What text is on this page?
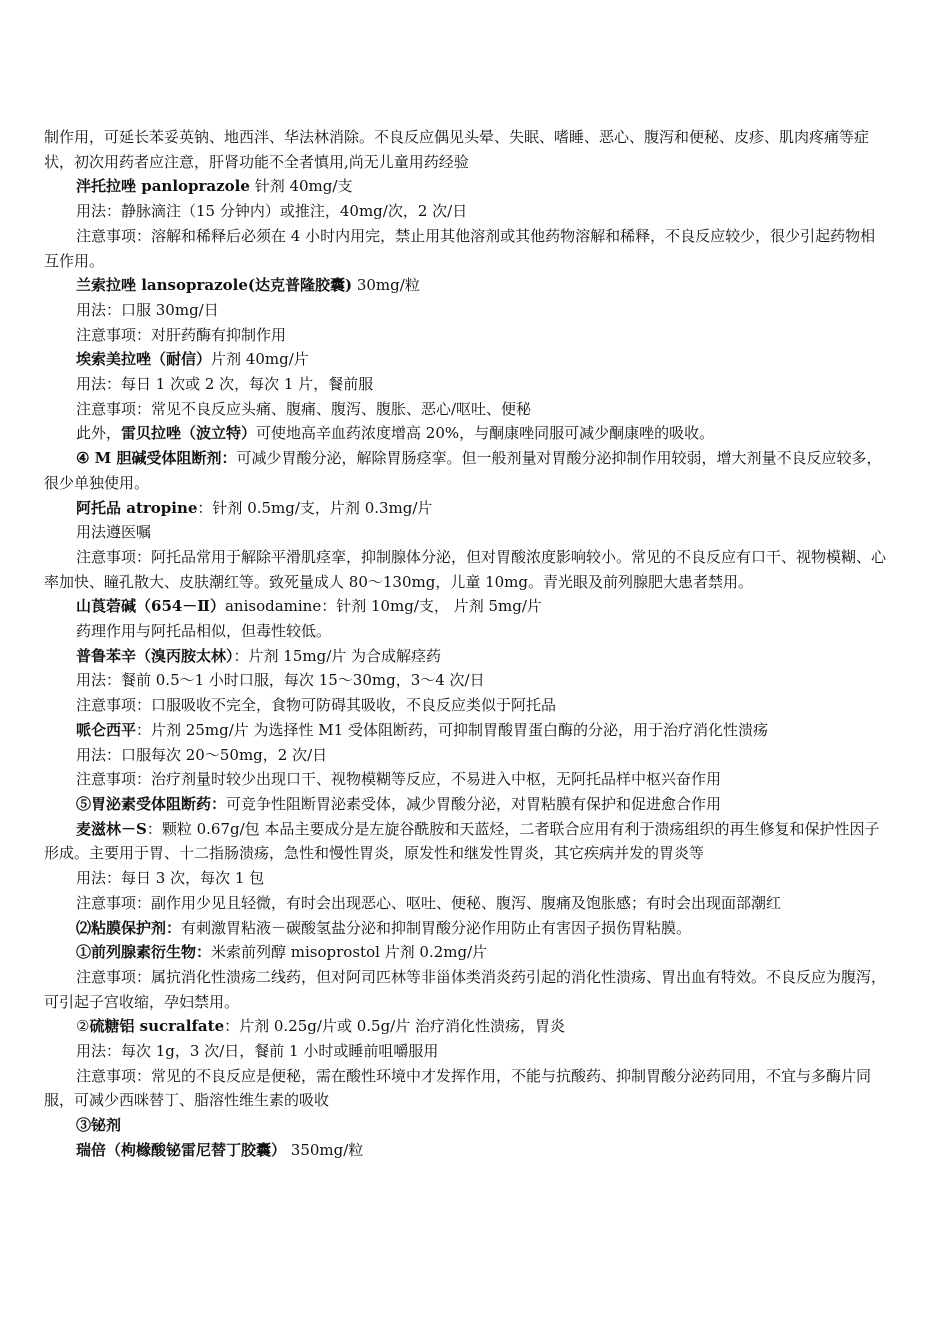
制作用，可延长苯妥英钠、地西泮、华法林消除。不良反应偶见头晕、失眠、嗜睡、恶心、腹泻和便秘、皮疹、肌肉疼痛等症状，初次用药者应注意，肝肾功能不全者慎用,尚无儿童用药经验

泮托拉唑 panloprazole 针剂 40mg/支

用法：静脉滴注（15 分钟内）或推注，40mg/次，2 次/日

注意事项：溶解和稀释后必须在 4 小时内用完，禁止用其他溶剂或其他药物溶解和稀释，不良反应较少，很少引起药物相互作用。

兰索拉唑 lansoprazole(达克普隆胶囊) 30mg/粒

用法：口服 30mg/日

注意事项：对肝药酶有抑制作用

埃索美拉唑（耐信）片剂 40mg/片

用法：每日 1 次或 2 次，每次 1 片，餐前服

注意事项：常见不良反应头痛、腹痛、腹泻、腹胀、恶心/呕吐、便秘

此外，雷贝拉唑（波立特）可使地高辛血药浓度增高 20%，与酮康唑同服可减少酮康唑的吸收。

④ M 胆碱受体阻断剂：可减少胃酸分泌，解除胃肠痉挛。但一般剂量对胃酸分泌抑制作用较弱，增大剂量不良反应较多，很少单独使用。

阿托品 atropine：针剂 0.5mg/支，片剂 0.3mg/片

用法遵医嘱

注意事项：阿托品常用于解除平滑肌痉挛，抑制腺体分泌，但对胃酸浓度影响较小。常见的不良反应有口干、视物模糊、心率加快、瞳孔散大、皮肤潮红等。致死量成人 80～130mg，儿童 10mg。青光眼及前列腺肥大患者禁用。

山莨菪碱（654－Ⅱ）anisodamine：针剂 10mg/支， 片剂 5mg/片

药理作用与阿托品相似，但毒性较低。

普鲁苯辛（溴丙胺太林）：片剂 15mg/片 为合成解痉药

用法：餐前 0.5～1 小时口服，每次 15～30mg，3～4 次/日

注意事项：口服吸收不完全，食物可防碍其吸收，不良反应类似于阿托品

哌仑西平：片剂 25mg/片 为选择性 M1 受体阻断药，可抑制胃酸胃蛋白酶的分泌，用于治疗消化性溃疡

用法：口服每次 20～50mg，2 次/日

注意事项：治疗剂量时较少出现口干、视物模糊等反应，不易进入中枢，无阿托品样中枢兴奋作用

⑤胃泌素受体阻断药：可竞争性阻断胃泌素受体，减少胃酸分泌，对胃粘膜有保护和促进愈合作用

麦滋林－S：颗粒 0.67g/包 本品主要成分是左旋谷酰胺和天蓝烃，二者联合应用有利于溃疡组织的再生修复和保护性因子形成。主要用于胃、十二指肠溃疡，急性和慢性胃炎，原发性和继发性胃炎，其它疾病并发的胃炎等

用法：每日 3 次，每次 1 包

注意事项：副作用少见且轻微，有时会出现恶心、呕吐、便秘、腹泻、腹痛及饱胀感；有时会出现面部潮红

⑵粘膜保护剂：有刺激胃粘液－碳酸氢盐分泌和抑制胃酸分泌作用防止有害因子损伤胃粘膜。

①前列腺素衍生物：米索前列醇 misoprostol 片剂 0.2mg/片

注意事项：属抗消化性溃疡二线药，但对阿司匹林等非甾体类消炎药引起的消化性溃疡、胃出血有特效。不良反应为腹泻，可引起子宫收缩，孕妇禁用。

②硫糖铝 sucralfate：片剂 0.25g/片或 0.5g/片 治疗消化性溃疡，胃炎

用法：每次 1g，3 次/日，餐前 1 小时或睡前咀嚼服用

注意事项：常见的不良反应是便秘，需在酸性环境中才发挥作用，不能与抗酸药、抑制胃酸分泌药同用，不宜与多酶片同服，可减少西咪替丁、脂溶性维生素的吸收

③铋剂

瑞倍（枸橼酸铋雷尼替丁胶囊） 350mg/粒
